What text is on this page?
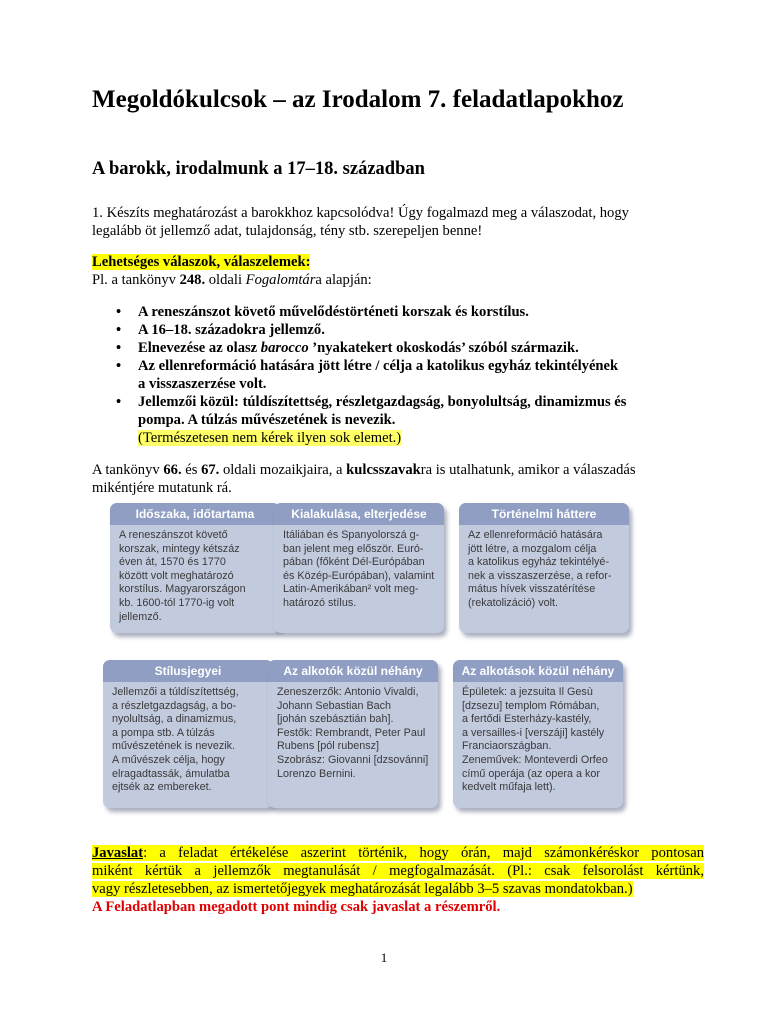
Megoldókulcsok – az Irodalom 7. feladatlapokhoz
A barokk, irodalmunk a 17–18. században
1. Készíts meghatározást a barokkhoz kapcsolódva! Úgy fogalmazd meg a válaszodat, hogy
legalább öt jellemző adat, tulajdonság, tény stb. szerepeljen benne!
Lehetséges válaszok, válaszelemek:
Pl. a tankönyv 248. oldali Fogalomtára alapján:
• A reneszánszot követő művelődéstörténeti korszak és korstílus.
• A 16–18. századokra jellemző.
• Elnevezése az olasz barocco ’nyakatekert okoskodás’ szóból származik.
• Az ellenreformáció hatására jött létre / célja a katolikus egyház tekintélyének
a visszaszerzése volt.
• Jellemzői közül: túldíszítettség, részletgazdagság, bonyolultság, dinamizmus és
pompa. A túlzás művészetének is nevezik.
(Természetesen nem kérek ilyen sok elemet.)
A tankönyv 66. és 67. oldali mozaikjaira, a kulcsszavakra is utalhatunk, amikor a válaszadás
mikéntjére mutatunk rá.
Időszaka, időtartama
A reneszánszot követő
korszak, mintegy kétszáz
éven át, 1570 és 1770
között volt meghatározó
korstílus. Magyarországon
kb. 1600-tól 1770-ig volt
jellemző.
Kialakulása, elterjedése
Itáliában és Spanyolorszá g-
ban jelent meg először. Euró-
pában (főként Dél-Európában
és Közép-Európában), valamint
Latin-Amerikában² volt meg-
határozó stílus.
Történelmi háttere
Az ellenreformáció hatására
jött létre, a mozgalom célja
a katolikus egyház tekintélyé-
nek a visszaszerzése, a refor-
mátus hívek visszatérítése
(rekatolizáció) volt.
Stílusjegyei
Jellemzői a túldíszítettség,
a részletgazdagság, a bo-
nyolultság, a dinamizmus,
a pompa stb. A túlzás
művészetének is nevezik.
A művészek célja, hogy
elragadtassák, ámulatba
ejtsék az embereket.
Az alkotók közül néhány
Zeneszerzők: Antonio Vivaldi,
Johann Sebastian Bach
[johán szebásztián bah].
Festők: Rembrandt, Peter Paul
Rubens [pól rubensz]
Szobrász: Giovanni [dzsovánni]
Lorenzo Bernini.
Az alkotások közül néhány
Épületek: a jezsuita Il Gesù
[dzsezu] templom Rómában,
a fertődi Esterházy-kastély,
a versailles-i [verszáji] kastély
Franciaországban.
Zeneművek: Monteverdi Orfeo
című operája (az opera a kor
kedvelt műfaja lett).
Javaslat: a feladat értékelése aszerint történik, hogy órán, majd számonkéréskor pontosan
miként kértük a jellemzők megtanulását / megfogalmazását. (Pl.: csak felsorolást kértünk,
vagy részletesebben, az ismertetőjegyek meghatározását legalább 3–5 szavas mondatokban.)
A Feladatlapban megadott pont mindig csak javaslat a részemről.
1
